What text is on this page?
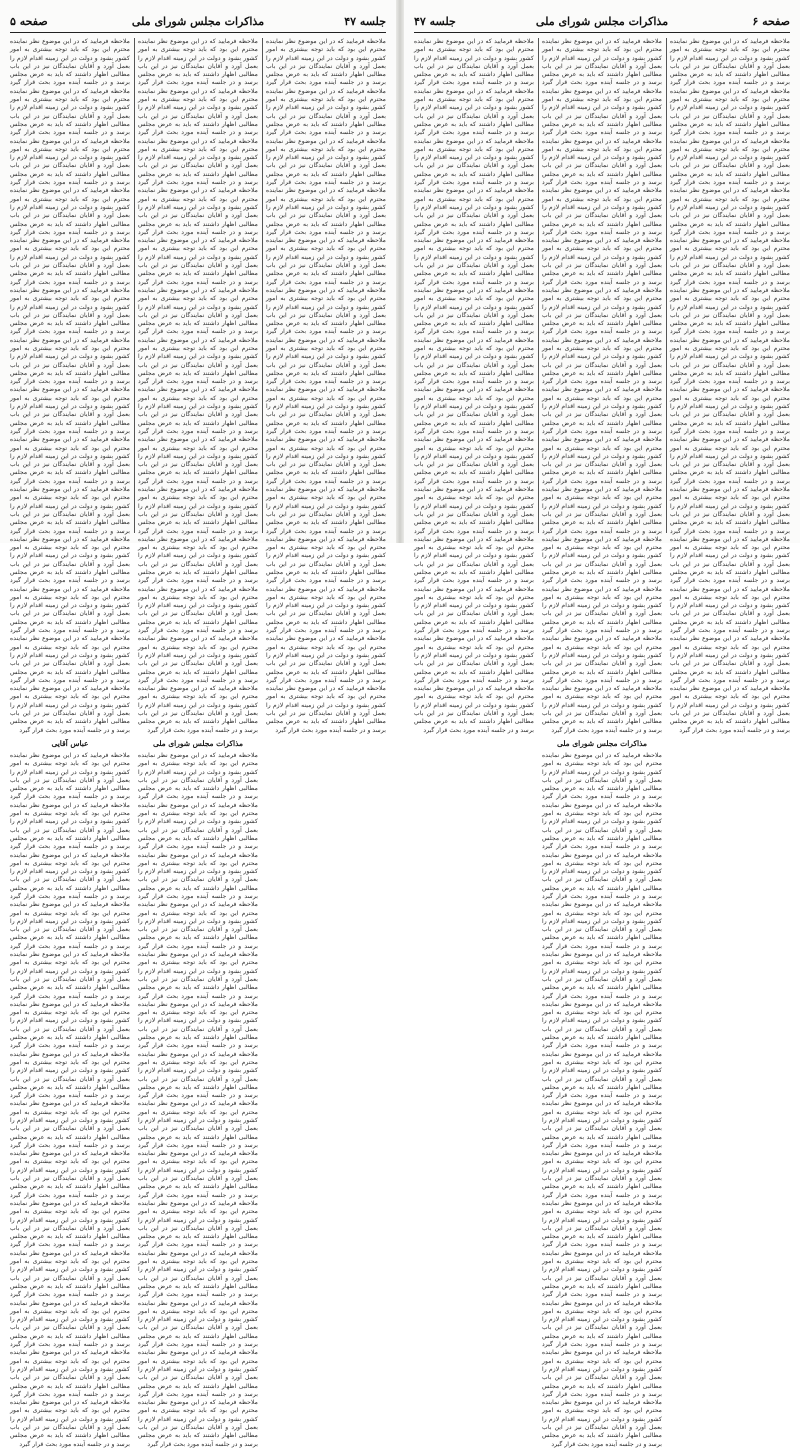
جلسه ۴۷
مذاکرات مجلس شورای ملی
صفحه ۵

ملاحظه فرمایید که در این موضوع نظر نماینده محترم این بود که باید توجه بیشتری به امور کشور بشود و دولت در این زمینه اقدام لازم را بعمل آورد و آقایان نمایندگان نیز در این باب مطالبی اظهار داشتند که باید به عرض مجلس برسد و در جلسه آینده مورد بحث قرار گیرد ملاحظه فرمایید که در این موضوع نظر نماینده محترم این بود که باید توجه بیشتری به امور کشور بشود و دولت در این زمینه اقدام لازم را بعمل آورد و آقایان نمایندگان نیز در این باب مطالبی اظهار داشتند که باید به عرض مجلس برسد و در جلسه آینده مورد بحث قرار گیرد ملاحظه فرمایید که در این موضوع نظر نماینده محترم این بود که باید توجه بیشتری به امور کشور بشود و دولت در این زمینه اقدام لازم را بعمل آورد و آقایان نمایندگان نیز در این باب مطالبی اظهار داشتند که باید به عرض مجلس برسد و در جلسه آینده مورد بحث قرار گیرد ملاحظه فرمایید که در این موضوع نظر نماینده محترم این بود که باید توجه بیشتری به امور کشور بشود و دولت در این زمینه اقدام لازم را بعمل آورد و آقایان نمایندگان نیز در این باب مطالبی اظهار داشتند که باید به عرض مجلس برسد و در جلسه آینده مورد بحث قرار گیرد ملاحظه فرمایید که در این موضوع نظر نماینده محترم این بود که باید توجه بیشتری به امور کشور بشود و دولت در این زمینه اقدام لازم را بعمل آورد و آقایان نمایندگان نیز در این باب مطالبی اظهار داشتند که باید به عرض مجلس برسد و در جلسه آینده مورد بحث قرار گیرد ملاحظه فرمایید که در این موضوع نظر نماینده محترم این بود که باید توجه بیشتری به امور کشور بشود و دولت در این زمینه اقدام لازم را بعمل آورد و آقایان نمایندگان نیز در این باب مطالبی اظهار داشتند که باید به عرض مجلس برسد و در جلسه آینده مورد بحث قرار گیرد ملاحظه فرمایید که در این موضوع نظر نماینده محترم این بود که باید توجه بیشتری به امور کشور بشود و دولت در این زمینه اقدام لازم را بعمل آورد و آقایان نمایندگان نیز در این باب مطالبی اظهار داشتند که باید به عرض مجلس برسد و در جلسه آینده مورد بحث قرار گیرد ملاحظه فرمایید که در این موضوع نظر نماینده محترم این بود که باید توجه بیشتری به امور کشور بشود و دولت در این زمینه اقدام لازم را بعمل آورد و آقایان نمایندگان نیز در این باب مطالبی اظهار داشتند که باید به عرض مجلس برسد و در جلسه آینده مورد بحث قرار گیرد ملاحظه فرمایید که در این موضوع نظر نماینده محترم این بود که باید توجه بیشتری به امور کشور بشود و دولت در این زمینه اقدام لازم را بعمل آورد و آقایان نمایندگان نیز در این باب مطالبی اظهار داشتند که باید به عرض مجلس برسد و در جلسه آینده مورد بحث قرار گیرد ملاحظه فرمایید که در این موضوع نظر نماینده محترم این بود که باید توجه بیشتری به امور کشور بشود و دولت در این زمینه اقدام لازم را بعمل آورد و آقایان نمایندگان نیز در این باب مطالبی اظهار داشتند که باید به عرض مجلس برسد و در جلسه آینده مورد بحث قرار گیرد ملاحظه فرمایید که در این موضوع نظر نماینده محترم این بود که باید توجه بیشتری به امور کشور بشود و دولت در این زمینه اقدام لازم را بعمل آورد و آقایان نمایندگان نیز در این باب مطالبی اظهار داشتند که باید به عرض مجلس برسد و در جلسه آینده مورد بحث قرار گیرد ملاحظه فرمایید که در این موضوع نظر نماینده محترم این بود که باید توجه بیشتری به امور کشور بشود و دولت در این زمینه اقدام لازم را بعمل آورد و آقایان نمایندگان نیز در این باب مطالبی اظهار داشتند که باید به عرض مجلس برسد و در جلسه آینده مورد بحث قرار گیرد ملاحظه فرمایید که در این موضوع نظر نماینده محترم این بود که باید توجه بیشتری به امور کشور بشود و دولت در این زمینه اقدام لازم را بعمل آورد و آقایان نمایندگان نیز در این باب مطالبی اظهار داشتند که باید به عرض مجلس برسد و در جلسه آینده مورد بحث قرار گیرد ملاحظه فرمایید که در این موضوع نظر نماینده محترم این بود که باید توجه بیشتری به امور کشور بشود و دولت در این زمینه اقدام لازم را بعمل آورد و آقایان نمایندگان نیز در این باب مطالبی اظهار داشتند که باید به عرض مجلس برسد و در جلسه آینده مورد بحث قرار گیرد

ملاحظه فرمایید که در این موضوع نظر نماینده محترم این بود که باید توجه بیشتری به امور کشور بشود و دولت در این زمینه اقدام لازم را بعمل آورد و آقایان نمایندگان نیز در این باب مطالبی اظهار داشتند که باید به عرض مجلس برسد و در جلسه آینده مورد بحث قرار گیرد ملاحظه فرمایید که در این موضوع نظر نماینده محترم این بود که باید توجه بیشتری به امور کشور بشود و دولت در این زمینه اقدام لازم را بعمل آورد و آقایان نمایندگان نیز در این باب مطالبی اظهار داشتند که باید به عرض مجلس برسد و در جلسه آینده مورد بحث قرار گیرد ملاحظه فرمایید که در این موضوع نظر نماینده محترم این بود که باید توجه بیشتری به امور کشور بشود و دولت در این زمینه اقدام لازم را بعمل آورد و آقایان نمایندگان نیز در این باب مطالبی اظهار داشتند که باید به عرض مجلس برسد و در جلسه آینده مورد بحث قرار گیرد ملاحظه فرمایید که در این موضوع نظر نماینده محترم این بود که باید توجه بیشتری به امور کشور بشود و دولت در این زمینه اقدام لازم را بعمل آورد و آقایان نمایندگان نیز در این باب مطالبی اظهار داشتند که باید به عرض مجلس برسد و در جلسه آینده مورد بحث قرار گیرد ملاحظه فرمایید که در این موضوع نظر نماینده محترم این بود که باید توجه بیشتری به امور کشور بشود و دولت در این زمینه اقدام لازم را بعمل آورد و آقایان نمایندگان نیز در این باب مطالبی اظهار داشتند که باید به عرض مجلس برسد و در جلسه آینده مورد بحث قرار گیرد ملاحظه فرمایید که در این موضوع نظر نماینده محترم این بود که باید توجه بیشتری به امور کشور بشود و دولت در این زمینه اقدام لازم را بعمل آورد و آقایان نمایندگان نیز در این باب مطالبی اظهار داشتند که باید به عرض مجلس برسد و در جلسه آینده مورد بحث قرار گیرد ملاحظه فرمایید که در این موضوع نظر نماینده محترم این بود که باید توجه بیشتری به امور کشور بشود و دولت در این زمینه اقدام لازم را بعمل آورد و آقایان نمایندگان نیز در این باب مطالبی اظهار داشتند که باید به عرض مجلس برسد و در جلسه آینده مورد بحث قرار گیرد ملاحظه فرمایید که در این موضوع نظر نماینده محترم این بود که باید توجه بیشتری به امور کشور بشود و دولت در این زمینه اقدام لازم را بعمل آورد و آقایان نمایندگان نیز در این باب مطالبی اظهار داشتند که باید به عرض مجلس برسد و در جلسه آینده مورد بحث قرار گیرد ملاحظه فرمایید که در این موضوع نظر نماینده محترم این بود که باید توجه بیشتری به امور کشور بشود و دولت در این زمینه اقدام لازم را بعمل آورد و آقایان نمایندگان نیز در این باب مطالبی اظهار داشتند که باید به عرض مجلس برسد و در جلسه آینده مورد بحث قرار گیرد ملاحظه فرمایید که در این موضوع نظر نماینده محترم این بود که باید توجه بیشتری به امور کشور بشود و دولت در این زمینه اقدام لازم را بعمل آورد و آقایان نمایندگان نیز در این باب مطالبی اظهار داشتند که باید به عرض مجلس برسد و در جلسه آینده مورد بحث قرار گیرد ملاحظه فرمایید که در این موضوع نظر نماینده محترم این بود که باید توجه بیشتری به امور کشور بشود و دولت در این زمینه اقدام لازم را بعمل آورد و آقایان نمایندگان نیز در این باب مطالبی اظهار داشتند که باید به عرض مجلس برسد و در جلسه آینده مورد بحث قرار گیرد ملاحظه فرمایید که در این موضوع نظر نماینده محترم این بود که باید توجه بیشتری به امور کشور بشود و دولت در این زمینه اقدام لازم را بعمل آورد و آقایان نمایندگان نیز در این باب مطالبی اظهار داشتند که باید به عرض مجلس برسد و در جلسه آینده مورد بحث قرار گیرد ملاحظه فرمایید که در این موضوع نظر نماینده محترم این بود که باید توجه بیشتری به امور کشور بشود و دولت در این زمینه اقدام لازم را بعمل آورد و آقایان نمایندگان نیز در این باب مطالبی اظهار داشتند که باید به عرض مجلس برسد و در جلسه آینده مورد بحث قرار گیرد ملاحظه فرمایید که در این موضوع نظر نماینده محترم این بود که باید توجه بیشتری به امور کشور بشود و دولت در این زمینه اقدام لازم را بعمل آورد و آقایان نمایندگان نیز در این باب مطالبی اظهار داشتند که باید به عرض مجلس برسد و در جلسه آینده مورد بحث قرار گیرد

مذاکرات مجلس شورای ملی

ملاحظه فرمایید که در این موضوع نظر نماینده محترم این بود که باید توجه بیشتری به امور کشور بشود و دولت در این زمینه اقدام لازم را بعمل آورد و آقایان نمایندگان نیز در این باب مطالبی اظهار داشتند که باید به عرض مجلس برسد و در جلسه آینده مورد بحث قرار گیرد ملاحظه فرمایید که در این موضوع نظر نماینده محترم این بود که باید توجه بیشتری به امور کشور بشود و دولت در این زمینه اقدام لازم را بعمل آورد و آقایان نمایندگان نیز در این باب مطالبی اظهار داشتند که باید به عرض مجلس برسد و در جلسه آینده مورد بحث قرار گیرد ملاحظه فرمایید که در این موضوع نظر نماینده محترم این بود که باید توجه بیشتری به امور کشور بشود و دولت در این زمینه اقدام لازم را بعمل آورد و آقایان نمایندگان نیز در این باب مطالبی اظهار داشتند که باید به عرض مجلس برسد و در جلسه آینده مورد بحث قرار گیرد ملاحظه فرمایید که در این موضوع نظر نماینده محترم این بود که باید توجه بیشتری به امور کشور بشود و دولت در این زمینه اقدام لازم را بعمل آورد و آقایان نمایندگان نیز در این باب مطالبی اظهار داشتند که باید به عرض مجلس برسد و در جلسه آینده مورد بحث قرار گیرد ملاحظه فرمایید که در این موضوع نظر نماینده محترم این بود که باید توجه بیشتری به امور کشور بشود و دولت در این زمینه اقدام لازم را بعمل آورد و آقایان نمایندگان نیز در این باب مطالبی اظهار داشتند که باید به عرض مجلس برسد و در جلسه آینده مورد بحث قرار گیرد ملاحظه فرمایید که در این موضوع نظر نماینده محترم این بود که باید توجه بیشتری به امور کشور بشود و دولت در این زمینه اقدام لازم را بعمل آورد و آقایان نمایندگان نیز در این باب مطالبی اظهار داشتند که باید به عرض مجلس برسد و در جلسه آینده مورد بحث قرار گیرد ملاحظه فرمایید که در این موضوع نظر نماینده محترم این بود که باید توجه بیشتری به امور کشور بشود و دولت در این زمینه اقدام لازم را بعمل آورد و آقایان نمایندگان نیز در این باب مطالبی اظهار داشتند که باید به عرض مجلس برسد و در جلسه آینده مورد بحث قرار گیرد ملاحظه فرمایید که در این موضوع نظر نماینده محترم این بود که باید توجه بیشتری به امور کشور بشود و دولت در این زمینه اقدام لازم را بعمل آورد و آقایان نمایندگان نیز در این باب مطالبی اظهار داشتند که باید به عرض مجلس برسد و در جلسه آینده مورد بحث قرار گیرد ملاحظه فرمایید که در این موضوع نظر نماینده محترم این بود که باید توجه بیشتری به امور کشور بشود و دولت در این زمینه اقدام لازم را بعمل آورد و آقایان نمایندگان نیز در این باب مطالبی اظهار داشتند که باید به عرض مجلس برسد و در جلسه آینده مورد بحث قرار گیرد ملاحظه فرمایید که در این موضوع نظر نماینده محترم این بود که باید توجه بیشتری به امور کشور بشود و دولت در این زمینه اقدام لازم را بعمل آورد و آقایان نمایندگان نیز در این باب مطالبی اظهار داشتند که باید به عرض مجلس برسد و در جلسه آینده مورد بحث قرار گیرد ملاحظه فرمایید که در این موضوع نظر نماینده محترم این بود که باید توجه بیشتری به امور کشور بشود و دولت در این زمینه اقدام لازم را بعمل آورد و آقایان نمایندگان نیز در این باب مطالبی اظهار داشتند که باید به عرض مجلس برسد و در جلسه آینده مورد بحث قرار گیرد ملاحظه فرمایید که در این موضوع نظر نماینده محترم این بود که باید توجه بیشتری به امور کشور بشود و دولت در این زمینه اقدام لازم را بعمل آورد و آقایان نمایندگان نیز در این باب مطالبی اظهار داشتند که باید به عرض مجلس برسد و در جلسه آینده مورد بحث قرار گیرد ملاحظه فرمایید که در این موضوع نظر نماینده محترم این بود که باید توجه بیشتری به امور کشور بشود و دولت در این زمینه اقدام لازم را بعمل آورد و آقایان نمایندگان نیز در این باب مطالبی اظهار داشتند که باید به عرض مجلس برسد و در جلسه آینده مورد بحث قرار گیرد ملاحظه فرمایید که در این موضوع نظر نماینده محترم این بود که باید توجه بیشتری به امور کشور بشود و دولت در این زمینه اقدام لازم را بعمل آورد و آقایان نمایندگان نیز در این باب مطالبی اظهار داشتند که باید به عرض مجلس برسد و در جلسه آینده مورد بحث قرار گیرد

ملاحظه فرمایید که در این موضوع نظر نماینده محترم این بود که باید توجه بیشتری به امور کشور بشود و دولت در این زمینه اقدام لازم را بعمل آورد و آقایان نمایندگان نیز در این باب مطالبی اظهار داشتند که باید به عرض مجلس برسد و در جلسه آینده مورد بحث قرار گیرد ملاحظه فرمایید که در این موضوع نظر نماینده محترم این بود که باید توجه بیشتری به امور کشور بشود و دولت در این زمینه اقدام لازم را بعمل آورد و آقایان نمایندگان نیز در این باب مطالبی اظهار داشتند که باید به عرض مجلس برسد و در جلسه آینده مورد بحث قرار گیرد ملاحظه فرمایید که در این موضوع نظر نماینده محترم این بود که باید توجه بیشتری به امور کشور بشود و دولت در این زمینه اقدام لازم را بعمل آورد و آقایان نمایندگان نیز در این باب مطالبی اظهار داشتند که باید به عرض مجلس برسد و در جلسه آینده مورد بحث قرار گیرد ملاحظه فرمایید که در این موضوع نظر نماینده محترم این بود که باید توجه بیشتری به امور کشور بشود و دولت در این زمینه اقدام لازم را بعمل آورد و آقایان نمایندگان نیز در این باب مطالبی اظهار داشتند که باید به عرض مجلس برسد و در جلسه آینده مورد بحث قرار گیرد ملاحظه فرمایید که در این موضوع نظر نماینده محترم این بود که باید توجه بیشتری به امور کشور بشود و دولت در این زمینه اقدام لازم را بعمل آورد و آقایان نمایندگان نیز در این باب مطالبی اظهار داشتند که باید به عرض مجلس برسد و در جلسه آینده مورد بحث قرار گیرد ملاحظه فرمایید که در این موضوع نظر نماینده محترم این بود که باید توجه بیشتری به امور کشور بشود و دولت در این زمینه اقدام لازم را بعمل آورد و آقایان نمایندگان نیز در این باب مطالبی اظهار داشتند که باید به عرض مجلس برسد و در جلسه آینده مورد بحث قرار گیرد ملاحظه فرمایید که در این موضوع نظر نماینده محترم این بود که باید توجه بیشتری به امور کشور بشود و دولت در این زمینه اقدام لازم را بعمل آورد و آقایان نمایندگان نیز در این باب مطالبی اظهار داشتند که باید به عرض مجلس برسد و در جلسه آینده مورد بحث قرار گیرد ملاحظه فرمایید که در این موضوع نظر نماینده محترم این بود که باید توجه بیشتری به امور کشور بشود و دولت در این زمینه اقدام لازم را بعمل آورد و آقایان نمایندگان نیز در این باب مطالبی اظهار داشتند که باید به عرض مجلس برسد و در جلسه آینده مورد بحث قرار گیرد ملاحظه فرمایید که در این موضوع نظر نماینده محترم این بود که باید توجه بیشتری به امور کشور بشود و دولت در این زمینه اقدام لازم را بعمل آورد و آقایان نمایندگان نیز در این باب مطالبی اظهار داشتند که باید به عرض مجلس برسد و در جلسه آینده مورد بحث قرار گیرد ملاحظه فرمایید که در این موضوع نظر نماینده محترم این بود که باید توجه بیشتری به امور کشور بشود و دولت در این زمینه اقدام لازم را بعمل آورد و آقایان نمایندگان نیز در این باب مطالبی اظهار داشتند که باید به عرض مجلس برسد و در جلسه آینده مورد بحث قرار گیرد ملاحظه فرمایید که در این موضوع نظر نماینده محترم این بود که باید توجه بیشتری به امور کشور بشود و دولت در این زمینه اقدام لازم را بعمل آورد و آقایان نمایندگان نیز در این باب مطالبی اظهار داشتند که باید به عرض مجلس برسد و در جلسه آینده مورد بحث قرار گیرد ملاحظه فرمایید که در این موضوع نظر نماینده محترم این بود که باید توجه بیشتری به امور کشور بشود و دولت در این زمینه اقدام لازم را بعمل آورد و آقایان نمایندگان نیز در این باب مطالبی اظهار داشتند که باید به عرض مجلس برسد و در جلسه آینده مورد بحث قرار گیرد ملاحظه فرمایید که در این موضوع نظر نماینده محترم این بود که باید توجه بیشتری به امور کشور بشود و دولت در این زمینه اقدام لازم را بعمل آورد و آقایان نمایندگان نیز در این باب مطالبی اظهار داشتند که باید به عرض مجلس برسد و در جلسه آینده مورد بحث قرار گیرد ملاحظه فرمایید که در این موضوع نظر نماینده محترم این بود که باید توجه بیشتری به امور کشور بشود و دولت در این زمینه اقدام لازم را بعمل آورد و آقایان نمایندگان نیز در این باب مطالبی اظهار داشتند که باید به عرض مجلس برسد و در جلسه آینده مورد بحث قرار گیرد

عباس آقایی

ملاحظه فرمایید که در این موضوع نظر نماینده محترم این بود که باید توجه بیشتری به امور کشور بشود و دولت در این زمینه اقدام لازم را بعمل آورد و آقایان نمایندگان نیز در این باب مطالبی اظهار داشتند که باید به عرض مجلس برسد و در جلسه آینده مورد بحث قرار گیرد ملاحظه فرمایید که در این موضوع نظر نماینده محترم این بود که باید توجه بیشتری به امور کشور بشود و دولت در این زمینه اقدام لازم را بعمل آورد و آقایان نمایندگان نیز در این باب مطالبی اظهار داشتند که باید به عرض مجلس برسد و در جلسه آینده مورد بحث قرار گیرد ملاحظه فرمایید که در این موضوع نظر نماینده محترم این بود که باید توجه بیشتری به امور کشور بشود و دولت در این زمینه اقدام لازم را بعمل آورد و آقایان نمایندگان نیز در این باب مطالبی اظهار داشتند که باید به عرض مجلس برسد و در جلسه آینده مورد بحث قرار گیرد ملاحظه فرمایید که در این موضوع نظر نماینده محترم این بود که باید توجه بیشتری به امور کشور بشود و دولت در این زمینه اقدام لازم را بعمل آورد و آقایان نمایندگان نیز در این باب مطالبی اظهار داشتند که باید به عرض مجلس برسد و در جلسه آینده مورد بحث قرار گیرد ملاحظه فرمایید که در این موضوع نظر نماینده محترم این بود که باید توجه بیشتری به امور کشور بشود و دولت در این زمینه اقدام لازم را بعمل آورد و آقایان نمایندگان نیز در این باب مطالبی اظهار داشتند که باید به عرض مجلس برسد و در جلسه آینده مورد بحث قرار گیرد ملاحظه فرمایید که در این موضوع نظر نماینده محترم این بود که باید توجه بیشتری به امور کشور بشود و دولت در این زمینه اقدام لازم را بعمل آورد و آقایان نمایندگان نیز در این باب مطالبی اظهار داشتند که باید به عرض مجلس برسد و در جلسه آینده مورد بحث قرار گیرد ملاحظه فرمایید که در این موضوع نظر نماینده محترم این بود که باید توجه بیشتری به امور کشور بشود و دولت در این زمینه اقدام لازم را بعمل آورد و آقایان نمایندگان نیز در این باب مطالبی اظهار داشتند که باید به عرض مجلس برسد و در جلسه آینده مورد بحث قرار گیرد ملاحظه فرمایید که در این موضوع نظر نماینده محترم این بود که باید توجه بیشتری به امور کشور بشود و دولت در این زمینه اقدام لازم را بعمل آورد و آقایان نمایندگان نیز در این باب مطالبی اظهار داشتند که باید به عرض مجلس برسد و در جلسه آینده مورد بحث قرار گیرد ملاحظه فرمایید که در این موضوع نظر نماینده محترم این بود که باید توجه بیشتری به امور کشور بشود و دولت در این زمینه اقدام لازم را بعمل آورد و آقایان نمایندگان نیز در این باب مطالبی اظهار داشتند که باید به عرض مجلس برسد و در جلسه آینده مورد بحث قرار گیرد ملاحظه فرمایید که در این موضوع نظر نماینده محترم این بود که باید توجه بیشتری به امور کشور بشود و دولت در این زمینه اقدام لازم را بعمل آورد و آقایان نمایندگان نیز در این باب مطالبی اظهار داشتند که باید به عرض مجلس برسد و در جلسه آینده مورد بحث قرار گیرد ملاحظه فرمایید که در این موضوع نظر نماینده محترم این بود که باید توجه بیشتری به امور کشور بشود و دولت در این زمینه اقدام لازم را بعمل آورد و آقایان نمایندگان نیز در این باب مطالبی اظهار داشتند که باید به عرض مجلس برسد و در جلسه آینده مورد بحث قرار گیرد ملاحظه فرمایید که در این موضوع نظر نماینده محترم این بود که باید توجه بیشتری به امور کشور بشود و دولت در این زمینه اقدام لازم را بعمل آورد و آقایان نمایندگان نیز در این باب مطالبی اظهار داشتند که باید به عرض مجلس برسد و در جلسه آینده مورد بحث قرار گیرد ملاحظه فرمایید که در این موضوع نظر نماینده محترم این بود که باید توجه بیشتری به امور کشور بشود و دولت در این زمینه اقدام لازم را بعمل آورد و آقایان نمایندگان نیز در این باب مطالبی اظهار داشتند که باید به عرض مجلس برسد و در جلسه آینده مورد بحث قرار گیرد ملاحظه فرمایید که در این موضوع نظر نماینده محترم این بود که باید توجه بیشتری به امور کشور بشود و دولت در این زمینه اقدام لازم را بعمل آورد و آقایان نمایندگان نیز در این باب مطالبی اظهار داشتند که باید به عرض مجلس برسد و در جلسه آینده مورد بحث قرار گیرد

صفحه ۶
مذاکرات مجلس شورای ملی
جلسه ۴۷

ملاحظه فرمایید که در این موضوع نظر نماینده محترم این بود که باید توجه بیشتری به امور کشور بشود و دولت در این زمینه اقدام لازم را بعمل آورد و آقایان نمایندگان نیز در این باب مطالبی اظهار داشتند که باید به عرض مجلس برسد و در جلسه آینده مورد بحث قرار گیرد ملاحظه فرمایید که در این موضوع نظر نماینده محترم این بود که باید توجه بیشتری به امور کشور بشود و دولت در این زمینه اقدام لازم را بعمل آورد و آقایان نمایندگان نیز در این باب مطالبی اظهار داشتند که باید به عرض مجلس برسد و در جلسه آینده مورد بحث قرار گیرد ملاحظه فرمایید که در این موضوع نظر نماینده محترم این بود که باید توجه بیشتری به امور کشور بشود و دولت در این زمینه اقدام لازم را بعمل آورد و آقایان نمایندگان نیز در این باب مطالبی اظهار داشتند که باید به عرض مجلس برسد و در جلسه آینده مورد بحث قرار گیرد ملاحظه فرمایید که در این موضوع نظر نماینده محترم این بود که باید توجه بیشتری به امور کشور بشود و دولت در این زمینه اقدام لازم را بعمل آورد و آقایان نمایندگان نیز در این باب مطالبی اظهار داشتند که باید به عرض مجلس برسد و در جلسه آینده مورد بحث قرار گیرد ملاحظه فرمایید که در این موضوع نظر نماینده محترم این بود که باید توجه بیشتری به امور کشور بشود و دولت در این زمینه اقدام لازم را بعمل آورد و آقایان نمایندگان نیز در این باب مطالبی اظهار داشتند که باید به عرض مجلس برسد و در جلسه آینده مورد بحث قرار گیرد ملاحظه فرمایید که در این موضوع نظر نماینده محترم این بود که باید توجه بیشتری به امور کشور بشود و دولت در این زمینه اقدام لازم را بعمل آورد و آقایان نمایندگان نیز در این باب مطالبی اظهار داشتند که باید به عرض مجلس برسد و در جلسه آینده مورد بحث قرار گیرد ملاحظه فرمایید که در این موضوع نظر نماینده محترم این بود که باید توجه بیشتری به امور کشور بشود و دولت در این زمینه اقدام لازم را بعمل آورد و آقایان نمایندگان نیز در این باب مطالبی اظهار داشتند که باید به عرض مجلس برسد و در جلسه آینده مورد بحث قرار گیرد ملاحظه فرمایید که در این موضوع نظر نماینده محترم این بود که باید توجه بیشتری به امور کشور بشود و دولت در این زمینه اقدام لازم را بعمل آورد و آقایان نمایندگان نیز در این باب مطالبی اظهار داشتند که باید به عرض مجلس برسد و در جلسه آینده مورد بحث قرار گیرد ملاحظه فرمایید که در این موضوع نظر نماینده محترم این بود که باید توجه بیشتری به امور کشور بشود و دولت در این زمینه اقدام لازم را بعمل آورد و آقایان نمایندگان نیز در این باب مطالبی اظهار داشتند که باید به عرض مجلس برسد و در جلسه آینده مورد بحث قرار گیرد ملاحظه فرمایید که در این موضوع نظر نماینده محترم این بود که باید توجه بیشتری به امور کشور بشود و دولت در این زمینه اقدام لازم را بعمل آورد و آقایان نمایندگان نیز در این باب مطالبی اظهار داشتند که باید به عرض مجلس برسد و در جلسه آینده مورد بحث قرار گیرد ملاحظه فرمایید که در این موضوع نظر نماینده محترم این بود که باید توجه بیشتری به امور کشور بشود و دولت در این زمینه اقدام لازم را بعمل آورد و آقایان نمایندگان نیز در این باب مطالبی اظهار داشتند که باید به عرض مجلس برسد و در جلسه آینده مورد بحث قرار گیرد ملاحظه فرمایید که در این موضوع نظر نماینده محترم این بود که باید توجه بیشتری به امور کشور بشود و دولت در این زمینه اقدام لازم را بعمل آورد و آقایان نمایندگان نیز در این باب مطالبی اظهار داشتند که باید به عرض مجلس برسد و در جلسه آینده مورد بحث قرار گیرد ملاحظه فرمایید که در این موضوع نظر نماینده محترم این بود که باید توجه بیشتری به امور کشور بشود و دولت در این زمینه اقدام لازم را بعمل آورد و آقایان نمایندگان نیز در این باب مطالبی اظهار داشتند که باید به عرض مجلس برسد و در جلسه آینده مورد بحث قرار گیرد ملاحظه فرمایید که در این موضوع نظر نماینده محترم این بود که باید توجه بیشتری به امور کشور بشود و دولت در این زمینه اقدام لازم را بعمل آورد و آقایان نمایندگان نیز در این باب مطالبی اظهار داشتند که باید به عرض مجلس برسد و در جلسه آینده مورد بحث قرار گیرد

ملاحظه فرمایید که در این موضوع نظر نماینده محترم این بود که باید توجه بیشتری به امور کشور بشود و دولت در این زمینه اقدام لازم را بعمل آورد و آقایان نمایندگان نیز در این باب مطالبی اظهار داشتند که باید به عرض مجلس برسد و در جلسه آینده مورد بحث قرار گیرد ملاحظه فرمایید که در این موضوع نظر نماینده محترم این بود که باید توجه بیشتری به امور کشور بشود و دولت در این زمینه اقدام لازم را بعمل آورد و آقایان نمایندگان نیز در این باب مطالبی اظهار داشتند که باید به عرض مجلس برسد و در جلسه آینده مورد بحث قرار گیرد ملاحظه فرمایید که در این موضوع نظر نماینده محترم این بود که باید توجه بیشتری به امور کشور بشود و دولت در این زمینه اقدام لازم را بعمل آورد و آقایان نمایندگان نیز در این باب مطالبی اظهار داشتند که باید به عرض مجلس برسد و در جلسه آینده مورد بحث قرار گیرد ملاحظه فرمایید که در این موضوع نظر نماینده محترم این بود که باید توجه بیشتری به امور کشور بشود و دولت در این زمینه اقدام لازم را بعمل آورد و آقایان نمایندگان نیز در این باب مطالبی اظهار داشتند که باید به عرض مجلس برسد و در جلسه آینده مورد بحث قرار گیرد ملاحظه فرمایید که در این موضوع نظر نماینده محترم این بود که باید توجه بیشتری به امور کشور بشود و دولت در این زمینه اقدام لازم را بعمل آورد و آقایان نمایندگان نیز در این باب مطالبی اظهار داشتند که باید به عرض مجلس برسد و در جلسه آینده مورد بحث قرار گیرد ملاحظه فرمایید که در این موضوع نظر نماینده محترم این بود که باید توجه بیشتری به امور کشور بشود و دولت در این زمینه اقدام لازم را بعمل آورد و آقایان نمایندگان نیز در این باب مطالبی اظهار داشتند که باید به عرض مجلس برسد و در جلسه آینده مورد بحث قرار گیرد ملاحظه فرمایید که در این موضوع نظر نماینده محترم این بود که باید توجه بیشتری به امور کشور بشود و دولت در این زمینه اقدام لازم را بعمل آورد و آقایان نمایندگان نیز در این باب مطالبی اظهار داشتند که باید به عرض مجلس برسد و در جلسه آینده مورد بحث قرار گیرد ملاحظه فرمایید که در این موضوع نظر نماینده محترم این بود که باید توجه بیشتری به امور کشور بشود و دولت در این زمینه اقدام لازم را بعمل آورد و آقایان نمایندگان نیز در این باب مطالبی اظهار داشتند که باید به عرض مجلس برسد و در جلسه آینده مورد بحث قرار گیرد ملاحظه فرمایید که در این موضوع نظر نماینده محترم این بود که باید توجه بیشتری به امور کشور بشود و دولت در این زمینه اقدام لازم را بعمل آورد و آقایان نمایندگان نیز در این باب مطالبی اظهار داشتند که باید به عرض مجلس برسد و در جلسه آینده مورد بحث قرار گیرد ملاحظه فرمایید که در این موضوع نظر نماینده محترم این بود که باید توجه بیشتری به امور کشور بشود و دولت در این زمینه اقدام لازم را بعمل آورد و آقایان نمایندگان نیز در این باب مطالبی اظهار داشتند که باید به عرض مجلس برسد و در جلسه آینده مورد بحث قرار گیرد ملاحظه فرمایید که در این موضوع نظر نماینده محترم این بود که باید توجه بیشتری به امور کشور بشود و دولت در این زمینه اقدام لازم را بعمل آورد و آقایان نمایندگان نیز در این باب مطالبی اظهار داشتند که باید به عرض مجلس برسد و در جلسه آینده مورد بحث قرار گیرد ملاحظه فرمایید که در این موضوع نظر نماینده محترم این بود که باید توجه بیشتری به امور کشور بشود و دولت در این زمینه اقدام لازم را بعمل آورد و آقایان نمایندگان نیز در این باب مطالبی اظهار داشتند که باید به عرض مجلس برسد و در جلسه آینده مورد بحث قرار گیرد ملاحظه فرمایید که در این موضوع نظر نماینده محترم این بود که باید توجه بیشتری به امور کشور بشود و دولت در این زمینه اقدام لازم را بعمل آورد و آقایان نمایندگان نیز در این باب مطالبی اظهار داشتند که باید به عرض مجلس برسد و در جلسه آینده مورد بحث قرار گیرد ملاحظه فرمایید که در این موضوع نظر نماینده محترم این بود که باید توجه بیشتری به امور کشور بشود و دولت در این زمینه اقدام لازم را بعمل آورد و آقایان نمایندگان نیز در این باب مطالبی اظهار داشتند که باید به عرض مجلس برسد و در جلسه آینده مورد بحث قرار گیرد

مذاکرات مجلس شورای ملی

ملاحظه فرمایید که در این موضوع نظر نماینده محترم این بود که باید توجه بیشتری به امور کشور بشود و دولت در این زمینه اقدام لازم را بعمل آورد و آقایان نمایندگان نیز در این باب مطالبی اظهار داشتند که باید به عرض مجلس برسد و در جلسه آینده مورد بحث قرار گیرد ملاحظه فرمایید که در این موضوع نظر نماینده محترم این بود که باید توجه بیشتری به امور کشور بشود و دولت در این زمینه اقدام لازم را بعمل آورد و آقایان نمایندگان نیز در این باب مطالبی اظهار داشتند که باید به عرض مجلس برسد و در جلسه آینده مورد بحث قرار گیرد ملاحظه فرمایید که در این موضوع نظر نماینده محترم این بود که باید توجه بیشتری به امور کشور بشود و دولت در این زمینه اقدام لازم را بعمل آورد و آقایان نمایندگان نیز در این باب مطالبی اظهار داشتند که باید به عرض مجلس برسد و در جلسه آینده مورد بحث قرار گیرد ملاحظه فرمایید که در این موضوع نظر نماینده محترم این بود که باید توجه بیشتری به امور کشور بشود و دولت در این زمینه اقدام لازم را بعمل آورد و آقایان نمایندگان نیز در این باب مطالبی اظهار داشتند که باید به عرض مجلس برسد و در جلسه آینده مورد بحث قرار گیرد ملاحظه فرمایید که در این موضوع نظر نماینده محترم این بود که باید توجه بیشتری به امور کشور بشود و دولت در این زمینه اقدام لازم را بعمل آورد و آقایان نمایندگان نیز در این باب مطالبی اظهار داشتند که باید به عرض مجلس برسد و در جلسه آینده مورد بحث قرار گیرد ملاحظه فرمایید که در این موضوع نظر نماینده محترم این بود که باید توجه بیشتری به امور کشور بشود و دولت در این زمینه اقدام لازم را بعمل آورد و آقایان نمایندگان نیز در این باب مطالبی اظهار داشتند که باید به عرض مجلس برسد و در جلسه آینده مورد بحث قرار گیرد ملاحظه فرمایید که در این موضوع نظر نماینده محترم این بود که باید توجه بیشتری به امور کشور بشود و دولت در این زمینه اقدام لازم را بعمل آورد و آقایان نمایندگان نیز در این باب مطالبی اظهار داشتند که باید به عرض مجلس برسد و در جلسه آینده مورد بحث قرار گیرد ملاحظه فرمایید که در این موضوع نظر نماینده محترم این بود که باید توجه بیشتری به امور کشور بشود و دولت در این زمینه اقدام لازم را بعمل آورد و آقایان نمایندگان نیز در این باب مطالبی اظهار داشتند که باید به عرض مجلس برسد و در جلسه آینده مورد بحث قرار گیرد ملاحظه فرمایید که در این موضوع نظر نماینده محترم این بود که باید توجه بیشتری به امور کشور بشود و دولت در این زمینه اقدام لازم را بعمل آورد و آقایان نمایندگان نیز در این باب مطالبی اظهار داشتند که باید به عرض مجلس برسد و در جلسه آینده مورد بحث قرار گیرد ملاحظه فرمایید که در این موضوع نظر نماینده محترم این بود که باید توجه بیشتری به امور کشور بشود و دولت در این زمینه اقدام لازم را بعمل آورد و آقایان نمایندگان نیز در این باب مطالبی اظهار داشتند که باید به عرض مجلس برسد و در جلسه آینده مورد بحث قرار گیرد ملاحظه فرمایید که در این موضوع نظر نماینده محترم این بود که باید توجه بیشتری به امور کشور بشود و دولت در این زمینه اقدام لازم را بعمل آورد و آقایان نمایندگان نیز در این باب مطالبی اظهار داشتند که باید به عرض مجلس برسد و در جلسه آینده مورد بحث قرار گیرد ملاحظه فرمایید که در این موضوع نظر نماینده محترم این بود که باید توجه بیشتری به امور کشور بشود و دولت در این زمینه اقدام لازم را بعمل آورد و آقایان نمایندگان نیز در این باب مطالبی اظهار داشتند که باید به عرض مجلس برسد و در جلسه آینده مورد بحث قرار گیرد ملاحظه فرمایید که در این موضوع نظر نماینده محترم این بود که باید توجه بیشتری به امور کشور بشود و دولت در این زمینه اقدام لازم را بعمل آورد و آقایان نمایندگان نیز در این باب مطالبی اظهار داشتند که باید به عرض مجلس برسد و در جلسه آینده مورد بحث قرار گیرد ملاحظه فرمایید که در این موضوع نظر نماینده محترم این بود که باید توجه بیشتری به امور کشور بشود و دولت در این زمینه اقدام لازم را بعمل آورد و آقایان نمایندگان نیز در این باب مطالبی اظهار داشتند که باید به عرض مجلس برسد و در جلسه آینده مورد بحث قرار گیرد

ملاحظه فرمایید که در این موضوع نظر نماینده محترم این بود که باید توجه بیشتری به امور کشور بشود و دولت در این زمینه اقدام لازم را بعمل آورد و آقایان نمایندگان نیز در این باب مطالبی اظهار داشتند که باید به عرض مجلس برسد و در جلسه آینده مورد بحث قرار گیرد ملاحظه فرمایید که در این موضوع نظر نماینده محترم این بود که باید توجه بیشتری به امور کشور بشود و دولت در این زمینه اقدام لازم را بعمل آورد و آقایان نمایندگان نیز در این باب مطالبی اظهار داشتند که باید به عرض مجلس برسد و در جلسه آینده مورد بحث قرار گیرد ملاحظه فرمایید که در این موضوع نظر نماینده محترم این بود که باید توجه بیشتری به امور کشور بشود و دولت در این زمینه اقدام لازم را بعمل آورد و آقایان نمایندگان نیز در این باب مطالبی اظهار داشتند که باید به عرض مجلس برسد و در جلسه آینده مورد بحث قرار گیرد ملاحظه فرمایید که در این موضوع نظر نماینده محترم این بود که باید توجه بیشتری به امور کشور بشود و دولت در این زمینه اقدام لازم را بعمل آورد و آقایان نمایندگان نیز در این باب مطالبی اظهار داشتند که باید به عرض مجلس برسد و در جلسه آینده مورد بحث قرار گیرد ملاحظه فرمایید که در این موضوع نظر نماینده محترم این بود که باید توجه بیشتری به امور کشور بشود و دولت در این زمینه اقدام لازم را بعمل آورد و آقایان نمایندگان نیز در این باب مطالبی اظهار داشتند که باید به عرض مجلس برسد و در جلسه آینده مورد بحث قرار گیرد ملاحظه فرمایید که در این موضوع نظر نماینده محترم این بود که باید توجه بیشتری به امور کشور بشود و دولت در این زمینه اقدام لازم را بعمل آورد و آقایان نمایندگان نیز در این باب مطالبی اظهار داشتند که باید به عرض مجلس برسد و در جلسه آینده مورد بحث قرار گیرد ملاحظه فرمایید که در این موضوع نظر نماینده محترم این بود که باید توجه بیشتری به امور کشور بشود و دولت در این زمینه اقدام لازم را بعمل آورد و آقایان نمایندگان نیز در این باب مطالبی اظهار داشتند که باید به عرض مجلس برسد و در جلسه آینده مورد بحث قرار گیرد ملاحظه فرمایید که در این موضوع نظر نماینده محترم این بود که باید توجه بیشتری به امور کشور بشود و دولت در این زمینه اقدام لازم را بعمل آورد و آقایان نمایندگان نیز در این باب مطالبی اظهار داشتند که باید به عرض مجلس برسد و در جلسه آینده مورد بحث قرار گیرد ملاحظه فرمایید که در این موضوع نظر نماینده محترم این بود که باید توجه بیشتری به امور کشور بشود و دولت در این زمینه اقدام لازم را بعمل آورد و آقایان نمایندگان نیز در این باب مطالبی اظهار داشتند که باید به عرض مجلس برسد و در جلسه آینده مورد بحث قرار گیرد ملاحظه فرمایید که در این موضوع نظر نماینده محترم این بود که باید توجه بیشتری به امور کشور بشود و دولت در این زمینه اقدام لازم را بعمل آورد و آقایان نمایندگان نیز در این باب مطالبی اظهار داشتند که باید به عرض مجلس برسد و در جلسه آینده مورد بحث قرار گیرد ملاحظه فرمایید که در این موضوع نظر نماینده محترم این بود که باید توجه بیشتری به امور کشور بشود و دولت در این زمینه اقدام لازم را بعمل آورد و آقایان نمایندگان نیز در این باب مطالبی اظهار داشتند که باید به عرض مجلس برسد و در جلسه آینده مورد بحث قرار گیرد ملاحظه فرمایید که در این موضوع نظر نماینده محترم این بود که باید توجه بیشتری به امور کشور بشود و دولت در این زمینه اقدام لازم را بعمل آورد و آقایان نمایندگان نیز در این باب مطالبی اظهار داشتند که باید به عرض مجلس برسد و در جلسه آینده مورد بحث قرار گیرد ملاحظه فرمایید که در این موضوع نظر نماینده محترم این بود که باید توجه بیشتری به امور کشور بشود و دولت در این زمینه اقدام لازم را بعمل آورد و آقایان نمایندگان نیز در این باب مطالبی اظهار داشتند که باید به عرض مجلس برسد و در جلسه آینده مورد بحث قرار گیرد ملاحظه فرمایید که در این موضوع نظر نماینده محترم این بود که باید توجه بیشتری به امور کشور بشود و دولت در این زمینه اقدام لازم را بعمل آورد و آقایان نمایندگان نیز در این باب مطالبی اظهار داشتند که باید به عرض مجلس برسد و در جلسه آینده مورد بحث قرار گیرد
